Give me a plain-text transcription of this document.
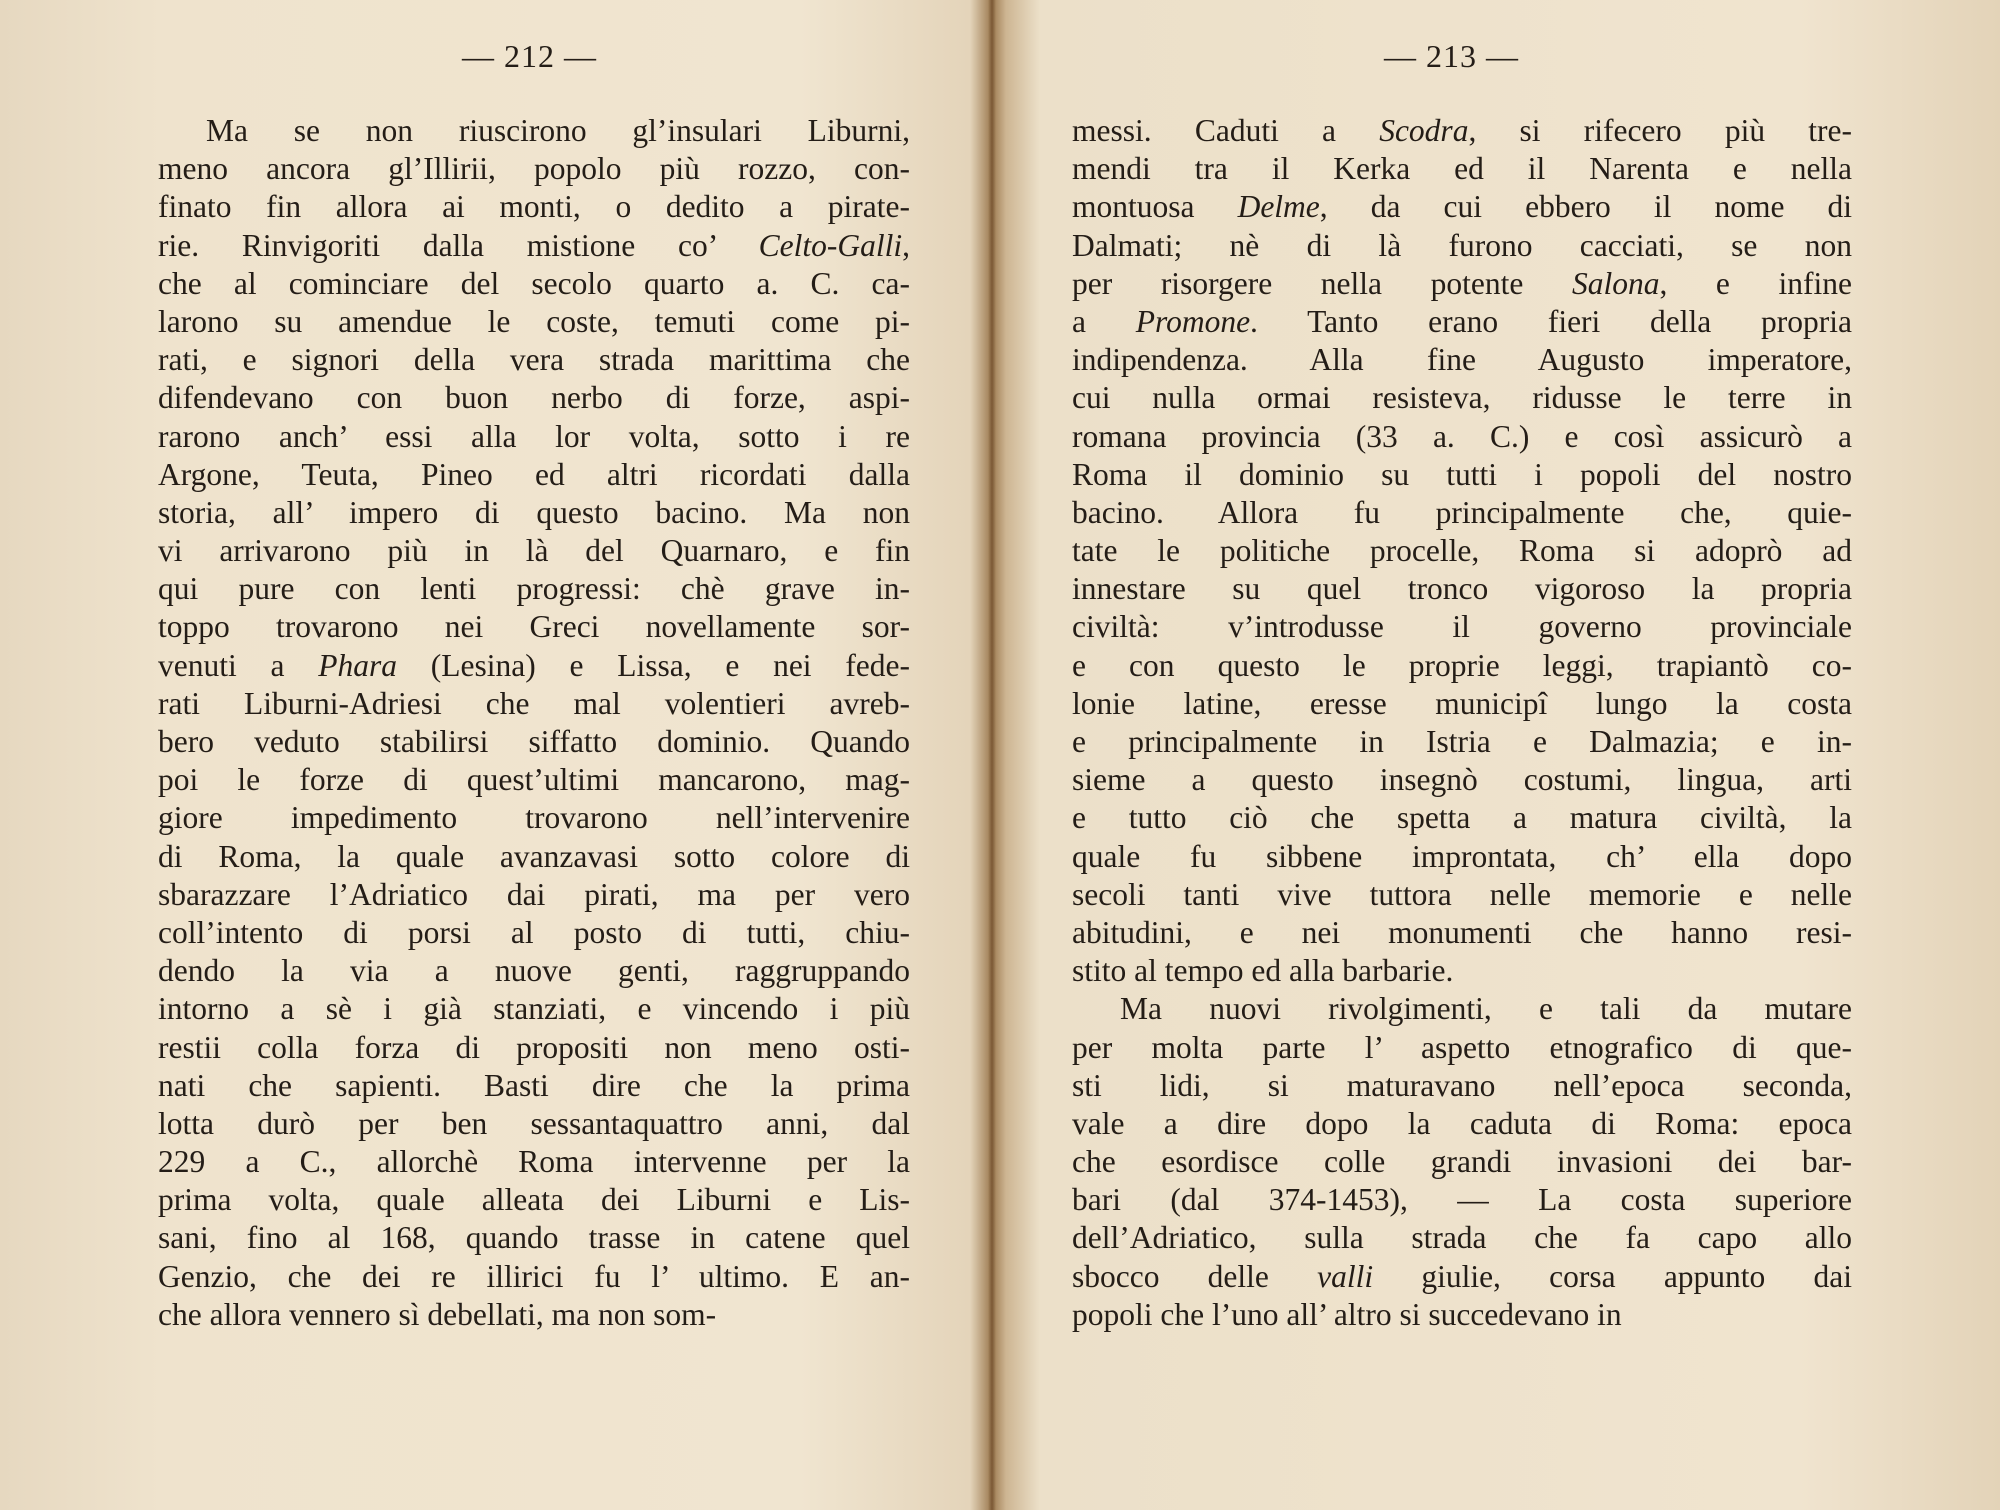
— 212 —
Ma se non riuscirono gl’insulari Liburni,
meno ancora gl’Illirii, popolo più rozzo, con-
finato fin allora ai monti, o dedito a pirate-
rie. Rinvigoriti dalla mistione co’ Celto-Galli,
che al cominciare del secolo quarto a. C. ca-
larono su amendue le coste, temuti come pi-
rati, e signori della vera strada marittima che
difendevano con buon nerbo di forze, aspi-
rarono anch’ essi alla lor volta, sotto i re
Argone, Teuta, Pineo ed altri ricordati dalla
storia, all’ impero di questo bacino. Ma non
vi arrivarono più in là del Quarnaro, e fin
qui pure con lenti progressi: chè grave in-
toppo trovarono nei Greci novellamente sor-
venuti a Phara (Lesina) e Lissa, e nei fede-
rati Liburni-Adriesi che mal volentieri avreb-
bero veduto stabilirsi siffatto dominio. Quando
poi le forze di quest’ultimi mancarono, mag-
giore impedimento trovarono nell’intervenire
di Roma, la quale avanzavasi sotto colore di
sbarazzare l’Adriatico dai pirati, ma per vero
coll’intento di porsi al posto di tutti, chiu-
dendo la via a nuove genti, raggruppando
intorno a sè i già stanziati, e vincendo i più
restii colla forza di propositi non meno osti-
nati che sapienti. Basti dire che la prima
lotta durò per ben sessantaquattro anni, dal
229 a C., allorchè Roma intervenne per la
prima volta, quale alleata dei Liburni e Lis-
sani, fino al 168, quando trasse in catene quel
Genzio, che dei re illirici fu l’ ultimo. E an-
che allora vennero sì debellati, ma non som-
— 213 —
messi. Caduti a Scodra, si rifecero più tre-
mendi tra il Kerka ed il Narenta e nella
montuosa Delme, da cui ebbero il nome di
Dalmati; nè di là furono cacciati, se non
per risorgere nella potente Salona, e infine
a Promone. Tanto erano fieri della propria
indipendenza. Alla fine Augusto imperatore,
cui nulla ormai resisteva, ridusse le terre in
romana provincia (33 a. C.) e così assicurò a
Roma il dominio su tutti i popoli del nostro
bacino. Allora fu principalmente che, quie-
tate le politiche procelle, Roma si adoprò ad
innestare su quel tronco vigoroso la propria
civiltà: v’introdusse il governo provinciale
e con questo le proprie leggi, trapiantò co-
lonie latine, eresse municipî lungo la costa
e principalmente in Istria e Dalmazia; e in-
sieme a questo insegnò costumi, lingua, arti
e tutto ciò che spetta a matura civiltà, la
quale fu sibbene improntata, ch’ ella dopo
secoli tanti vive tuttora nelle memorie e nelle
abitudini, e nei monumenti che hanno resi-
stito al tempo ed alla barbarie.
Ma nuovi rivolgimenti, e tali da mutare
per molta parte l’ aspetto etnografico di que-
sti lidi, si maturavano nell’epoca seconda,
vale a dire dopo la caduta di Roma: epoca
che esordisce colle grandi invasioni dei bar-
bari (dal 374-1453), — La costa superiore
dell’Adriatico, sulla strada che fa capo allo
sbocco delle valli giulie, corsa appunto dai
popoli che l’uno all’ altro si succedevano in
